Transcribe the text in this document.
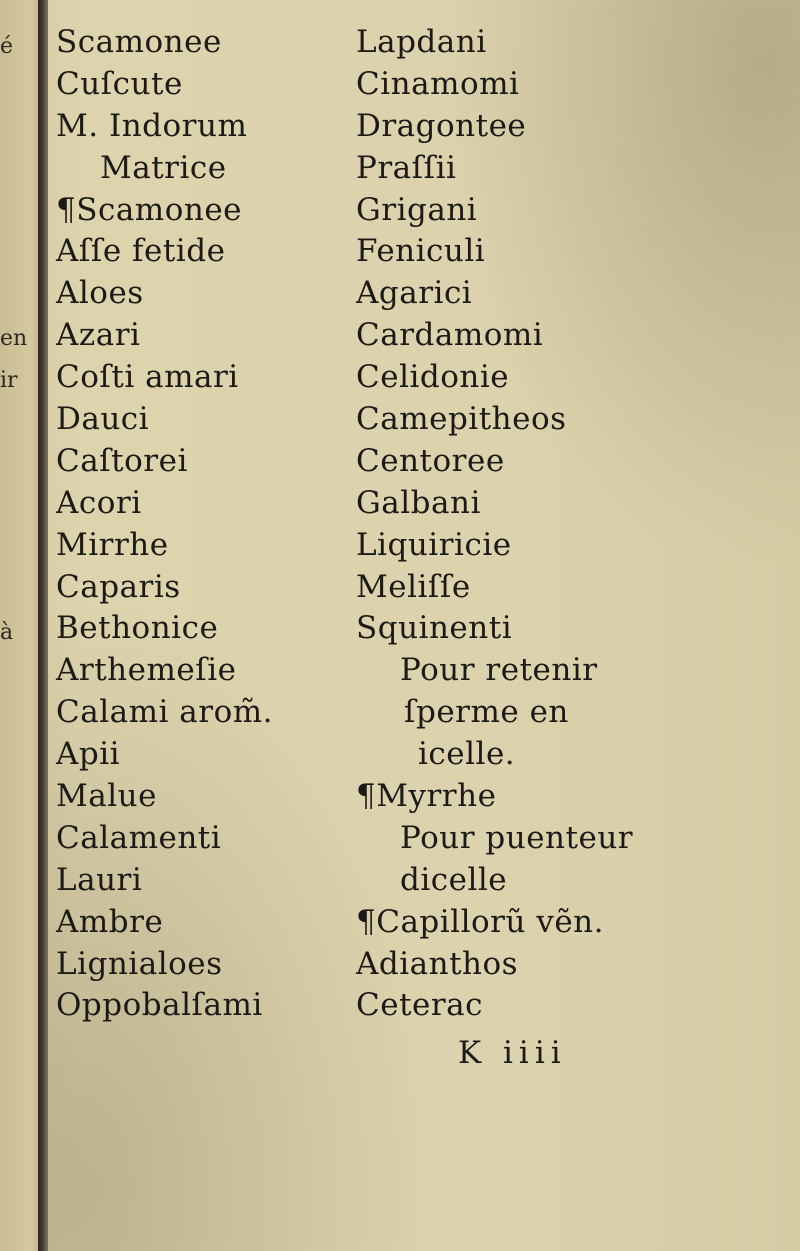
é
en
ir
à
Scamonee
Cuſcute
M. Indorum
Matrice
¶Scamonee
Aſſe fetide
Aloes
Azari
Coſti amari
Dauci
Caſtorei
Acori
Mirrhe
Caparis
Bethonice
Arthemeſie
Calami arom̃.
Apii
Malue
Calamenti
Lauri
Ambre
Lignialoes
Oppobalſami
Lapdani
Cinamomi
Dragontee
Praſſii
Grigani
Feniculi
Agarici
Cardamomi
Celidonie
Camepitheos
Centoree
Galbani
Liquiricie
Meliſſe
Squinenti
Pour retenir
ſperme en
icelle.
¶Myrrhe
Pour puenteur
dicelle
¶Capillorũ vẽn.
Adianthos
Ceterac
K iiii
